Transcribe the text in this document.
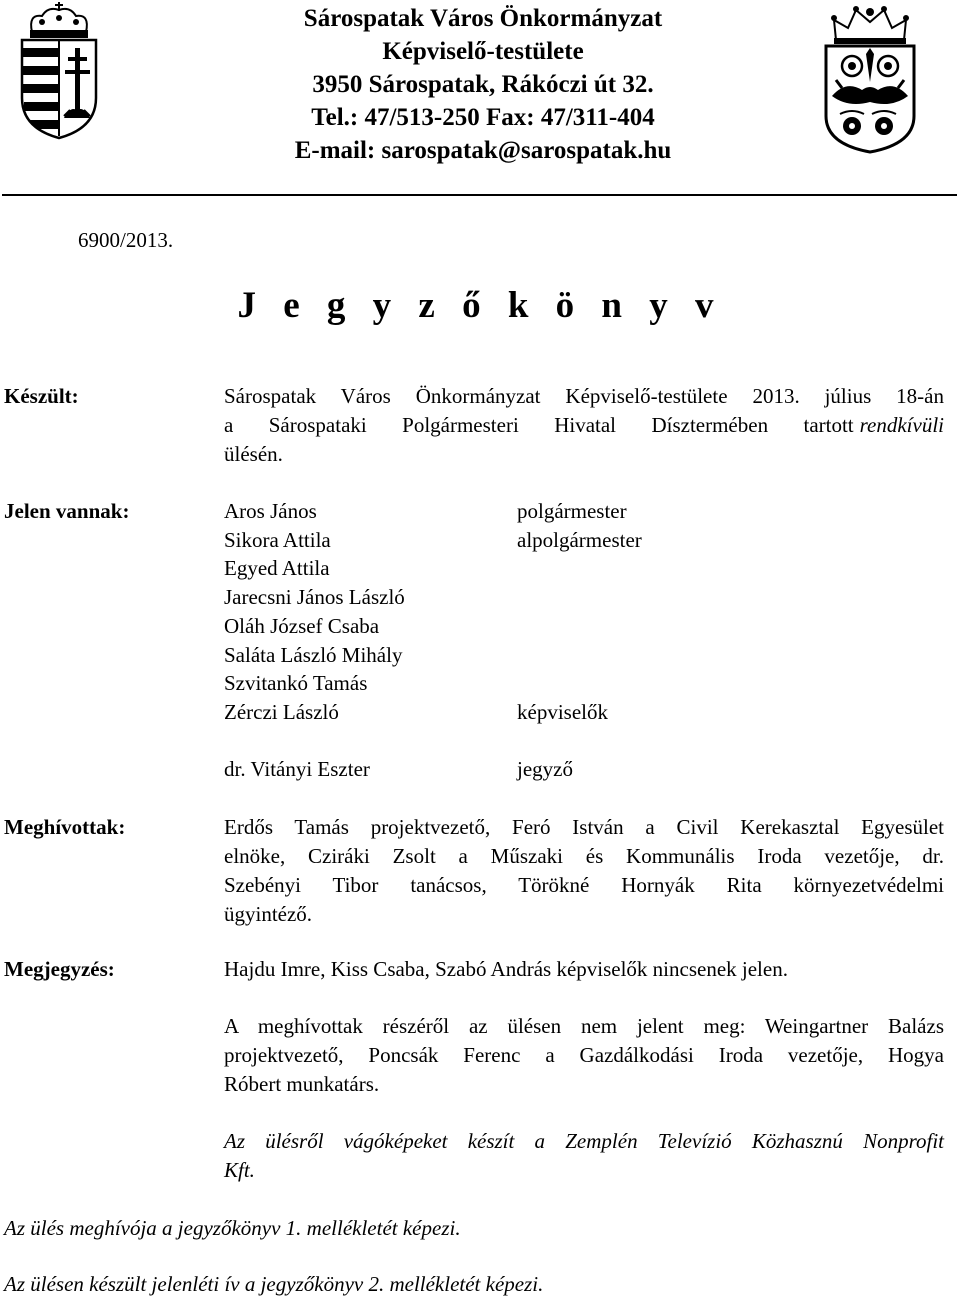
Sárospatak Város Önkormányzat
Képviselő-testülete
3950 Sárospatak, Rákóczi út 32.
Tel.: 47/513-250 Fax: 47/311-404
E-mail: sarospatak@sarospatak.hu
6900/2013.
J e g y z ő k ö n y v
Készült:	Sárospatak Város Önkormányzat Képviselő-testülete 2013. július 18-án
a Sárospataki Polgármesteri Hivatal Dísztermében tartott rendkívüli
ülésén.
Jelen vannak:	Aros János	polgármester
Sikora Attila	alpolgármester
Egyed Attila
Jarecsni János László
Oláh József Csaba
Saláta László Mihály
Szvitankó Tamás
Zérczi László	képviselők
dr. Vitányi Eszter	jegyző
Meghívottak:	Erdős Tamás projektvezető, Feró István a Civil Kerekasztal Egyesület
elnöke, Cziráki Zsolt a Műszaki és Kommunális Iroda vezetője, dr.
Szebényi Tibor tanácsos, Törökné Hornyák Rita környezetvédelmi
ügyintéző.
Megjegyzés:	Hajdu Imre, Kiss Csaba, Szabó András képviselők nincsenek jelen.
A meghívottak részéről az ülésen nem jelent meg: Weingartner Balázs
projektvezető, Poncsák Ferenc a Gazdálkodási Iroda vezetője, Hogya
Róbert munkatárs.
Az ülésről vágóképeket készít a Zemplén Televízió Közhasznú Nonprofit
Kft.
Az ülés meghívója a jegyzőkönyv 1. mellékletét képezi.
Az ülésen készült jelenléti ív a jegyzőkönyv 2. mellékletét képezi.
